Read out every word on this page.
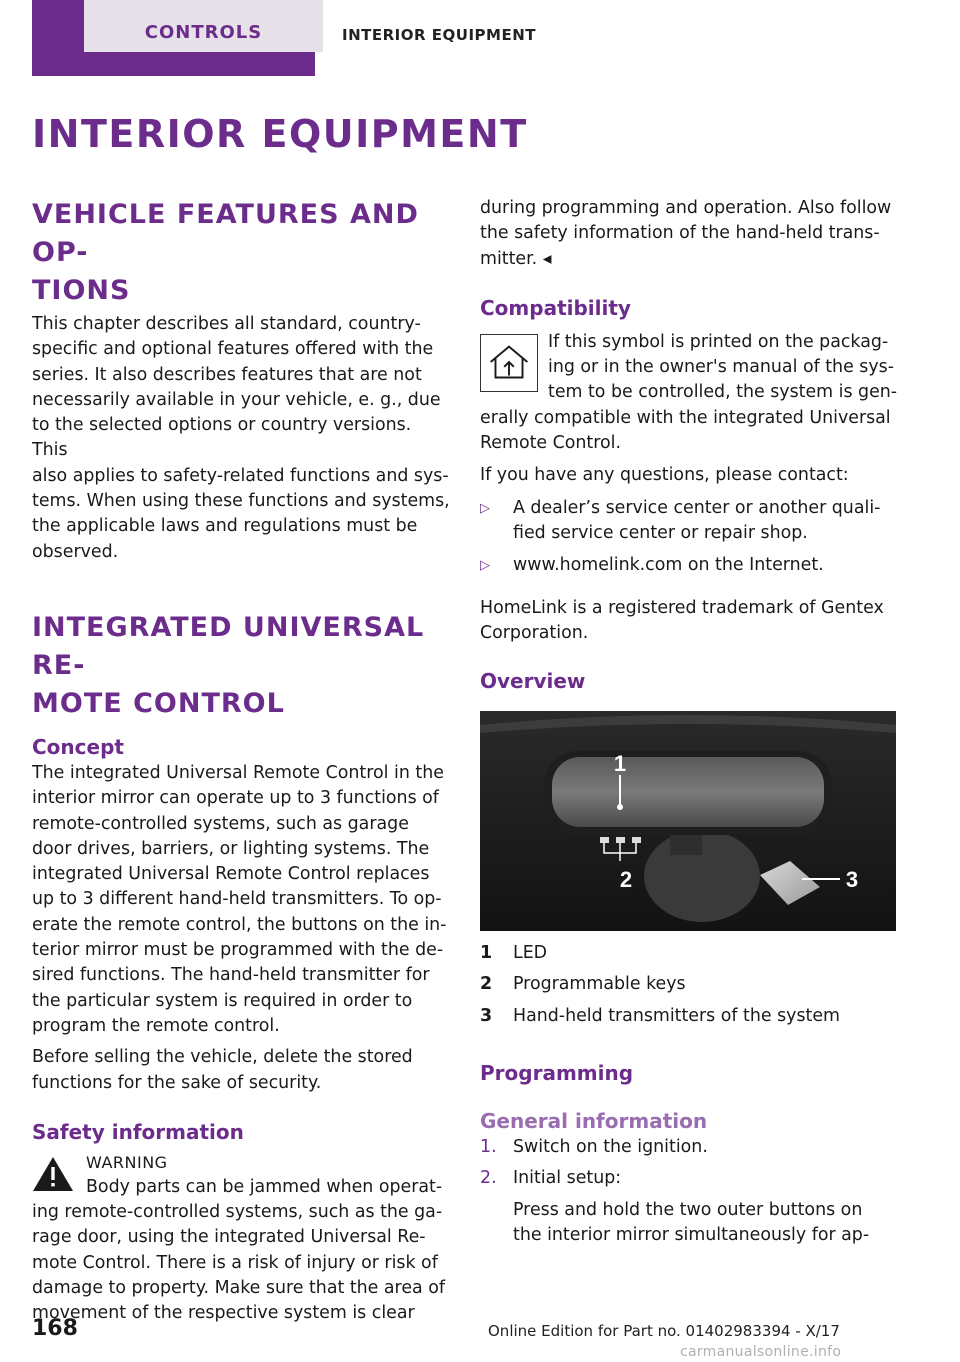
CONTROLS	INTERIOR EQUIPMENT
INTERIOR EQUIPMENT
VEHICLE FEATURES AND OP-
TIONS

This chapter describes all standard, country-

specific and optional features offered with the

series. It also describes features that are not

necessarily available in your vehicle, e. g., due

to the selected options or country versions. This

also applies to safety-related functions and sys-

tems. When using these functions and systems,

the applicable laws and regulations must be

observed.

INTEGRATED UNIVERSAL RE-
MOTE CONTROL
Concept

The integrated Universal Remote Control in the

interior mirror can operate up to 3 functions of

remote-controlled systems, such as garage

door drives, barriers, or lighting systems. The

integrated Universal Remote Control replaces

up to 3 different hand-held transmitters. To op-

erate the remote control, the buttons on the in-

terior mirror must be programmed with the de-

sired functions. The hand-held transmitter for

the particular system is required in order to

program the remote control.

Before selling the vehicle, delete the stored

functions for the sake of security.

Safety information
WARNING

Body parts can be jammed when operat-

ing remote-controlled systems, such as the ga-

rage door, using the integrated Universal Re-

mote Control. There is a risk of injury or risk of

damage to property. Make sure that the area of

movement of the respective system is clear

during programming and operation. Also follow

the safety information of the hand-held trans-

mitter. ◂

Compatibility

If this symbol is printed on the packag-

ing or in the owner's manual of the sys-

tem to be controlled, the system is gen-

erally compatible with the integrated Universal

Remote Control.

If you have any questions, please contact:

▷	A dealer’s service center or another quali-
fied service center or repair shop.
▷	www.homelink.com on the Internet.

HomeLink is a registered trademark of Gentex

Corporation.

Overview
1
2	3
1	LED
2	Programmable keys
3	Hand-held transmitters of the system
Programming
General information
1. Switch on the ignition.
2. Initial setup:

Press and hold the two outer buttons on

the interior mirror simultaneously for ap-

168	Online Edition for Part no. 01402983394 - X/17
carmanualsonline.info
